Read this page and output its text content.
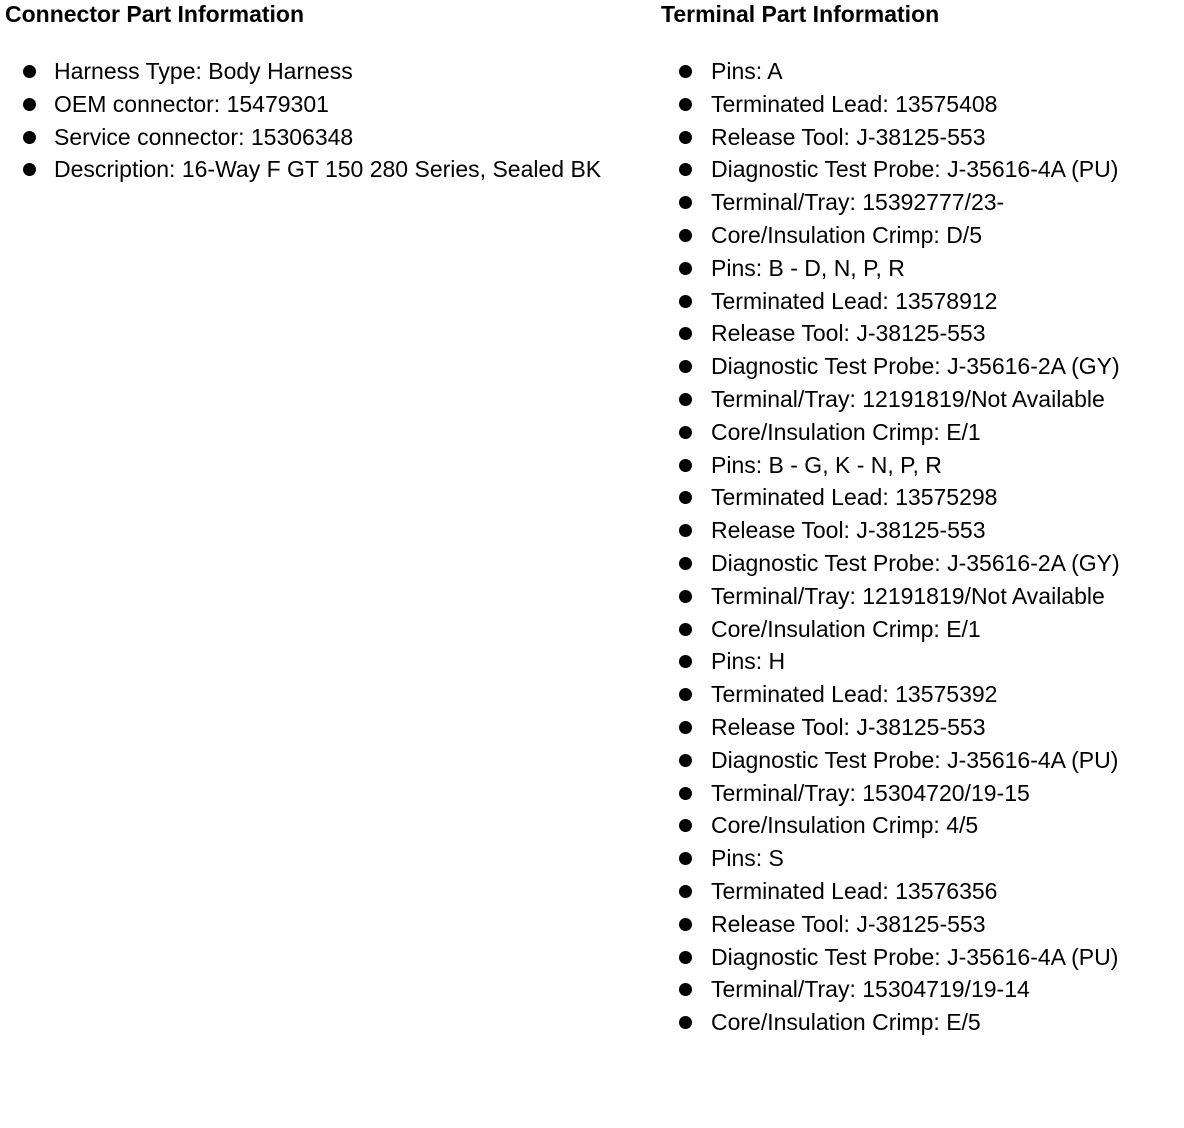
Connector Part Information
Harness Type: Body Harness
OEM connector: 15479301
Service connector: 15306348
Description: 16-Way F GT 150 280 Series, Sealed BK
Terminal Part Information
Pins: A
Terminated Lead: 13575408
Release Tool: J-38125-553
Diagnostic Test Probe: J-35616-4A (PU)
Terminal/Tray: 15392777/23-
Core/Insulation Crimp: D/5
Pins: B - D, N, P, R
Terminated Lead: 13578912
Release Tool: J-38125-553
Diagnostic Test Probe: J-35616-2A (GY)
Terminal/Tray: 12191819/Not Available
Core/Insulation Crimp: E/1
Pins: B - G, K - N, P, R
Terminated Lead: 13575298
Release Tool: J-38125-553
Diagnostic Test Probe: J-35616-2A (GY)
Terminal/Tray: 12191819/Not Available
Core/Insulation Crimp: E/1
Pins: H
Terminated Lead: 13575392
Release Tool: J-38125-553
Diagnostic Test Probe: J-35616-4A (PU)
Terminal/Tray: 15304720/19-15
Core/Insulation Crimp: 4/5
Pins: S
Terminated Lead: 13576356
Release Tool: J-38125-553
Diagnostic Test Probe: J-35616-4A (PU)
Terminal/Tray: 15304719/19-14
Core/Insulation Crimp: E/5
